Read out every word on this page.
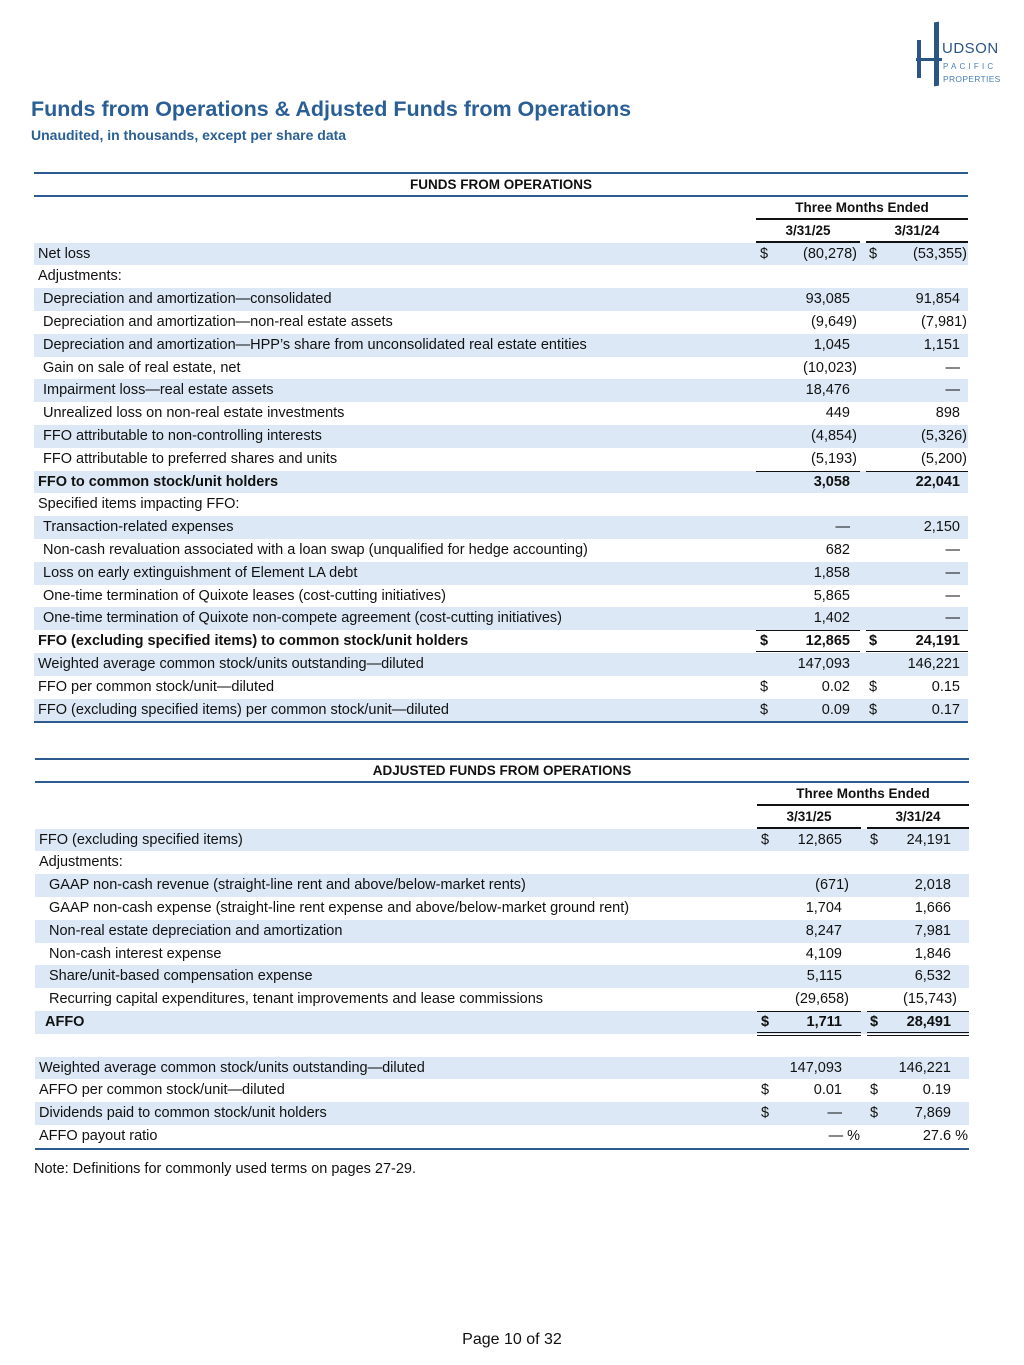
UDSON
PACIFIC
PROPERTIES
Funds from Operations & Adjusted Funds from Operations
Unaudited, in thousands, except per share data
FUNDS FROM OPERATIONS
Three Months Ended
3/31/25	3/31/24
Net loss	$ (80,278) $ (53,355)
Adjustments:
Depreciation and amortization—consolidated	93,085	91,854
Depreciation and amortization—non-real estate assets	(9,649)	(7,981)
Depreciation and amortization—HPP’s share from unconsolidated real estate entities	1,045	1,151
Gain on sale of real estate, net	(10,023)	—
Impairment loss—real estate assets	18,476	—
Unrealized loss on non-real estate investments	449	898
FFO attributable to non-controlling interests	(4,854)	(5,326)
FFO attributable to preferred shares and units	(5,193)	(5,200)
FFO to common stock/unit holders	3,058	22,041
Specified items impacting FFO:
Transaction-related expenses	—	2,150
Non-cash revaluation associated with a loan swap (unqualified for hedge accounting)	682	—
Loss on early extinguishment of Element LA debt	1,858	—
One-time termination of Quixote leases (cost-cutting initiatives)	5,865	—
One-time termination of Quixote non-compete agreement (cost-cutting initiatives)	1,402	—
FFO (excluding specified items) to common stock/unit holders	$	12,865 $	24,191
Weighted average common stock/units outstanding—diluted	147,093	146,221
FFO per common stock/unit—diluted	$	0.02 $	0.15
FFO (excluding specified items) per common stock/unit—diluted	$	0.09 $	0.17
ADJUSTED FUNDS FROM OPERATIONS
Three Months Ended
3/31/25	3/31/24
FFO (excluding specified items)	$ 12,865 $ 24,191
Adjustments:
GAAP non-cash revenue (straight-line rent and above/below-market rents)	(671)	2,018
GAAP non-cash expense (straight-line rent expense and above/below-market ground rent)	1,704	1,666
Non-real estate depreciation and amortization	8,247	7,981
Non-cash interest expense	4,109	1,846
Share/unit-based compensation expense	5,115	6,532
Recurring capital expenditures, tenant improvements and lease commissions	(29,658)	(15,743)
AFFO	$	1,711 $ 28,491
Weighted average common stock/units outstanding—diluted	147,093	146,221
AFFO per common stock/unit—diluted	$	0.01 $	0.19
Dividends paid to common stock/unit holders	$	— $	7,869
AFFO payout ratio	— %	27.6 %
Note: Definitions for commonly used terms on pages 27-29.
Page 10 of 32
